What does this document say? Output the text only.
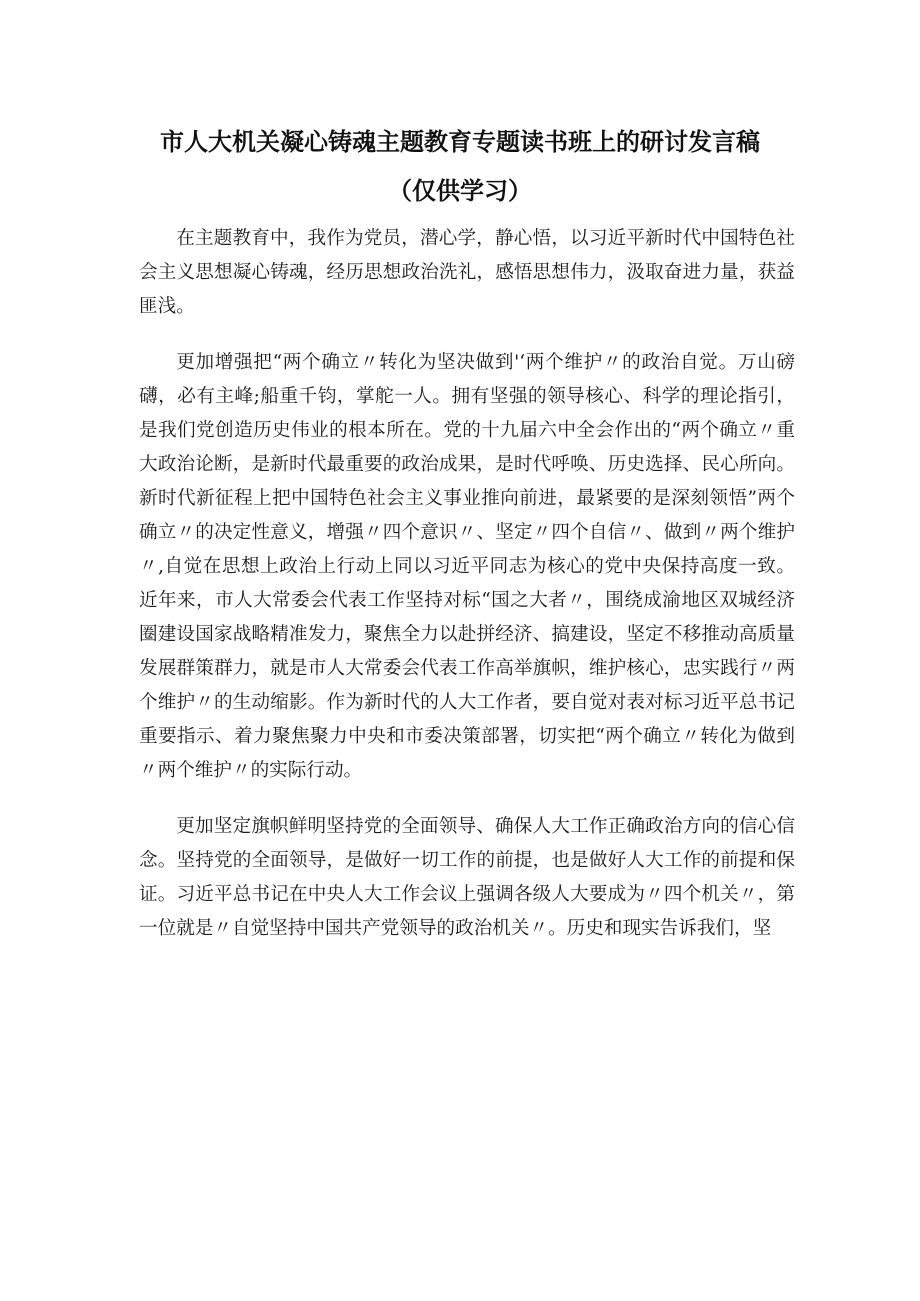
市人大机关凝心铸魂主题教育专题读书班上的研讨发言稿
（仅供学习）
在主题教育中，我作为党员，潜心学，静心悟，以习近平新时代中国特色社会主义思想凝心铸魂，经历思想政治洗礼，感悟思想伟力，汲取奋进力量，获益匪浅。
更加增强把“两个确立〃转化为坚决做到'‘两个维护〃的政治自觉。万山磅礴，必有主峰;船重千钧，掌舵一人。拥有坚强的领导核心、科学的理论指引，是我们党创造历史伟业的根本所在。党的十九届六中全会作出的“两个确立〃重大政治论断，是新时代最重要的政治成果，是时代呼唤、历史选择、民心所向。新时代新征程上把中国特色社会主义事业推向前进，最紧要的是深刻领悟”两个确立〃的决定性意义，增强〃四个意识〃、坚定〃四个自信〃、做到〃两个维护〃,自觉在思想上政治上行动上同以习近平同志为核心的党中央保持高度一致。近年来，市人大常委会代表工作坚持对标“国之大者〃，围绕成渝地区双城经济圈建设国家战略精准发力，聚焦全力以赴拼经济、搞建设，坚定不移推动高质量发展群策群力，就是市人大常委会代表工作高举旗帜，维护核心，忠实践行〃两个维护〃的生动缩影。作为新时代的人大工作者，要自觉对表对标习近平总书记重要指示、着力聚焦聚力中央和市委决策部署，切实把“两个确立〃转化为做到〃两个维护〃的实际行动。
更加坚定旗帜鲜明坚持党的全面领导、确保人大工作正确政治方向的信心信念。坚持党的全面领导，是做好一切工作的前提，也是做好人大工作的前提和保证。习近平总书记在中央人大工作会议上强调各级人大要成为〃四个机关〃，第一位就是〃自觉坚持中国共产党领导的政治机关〃。历史和现实告诉我们，坚
